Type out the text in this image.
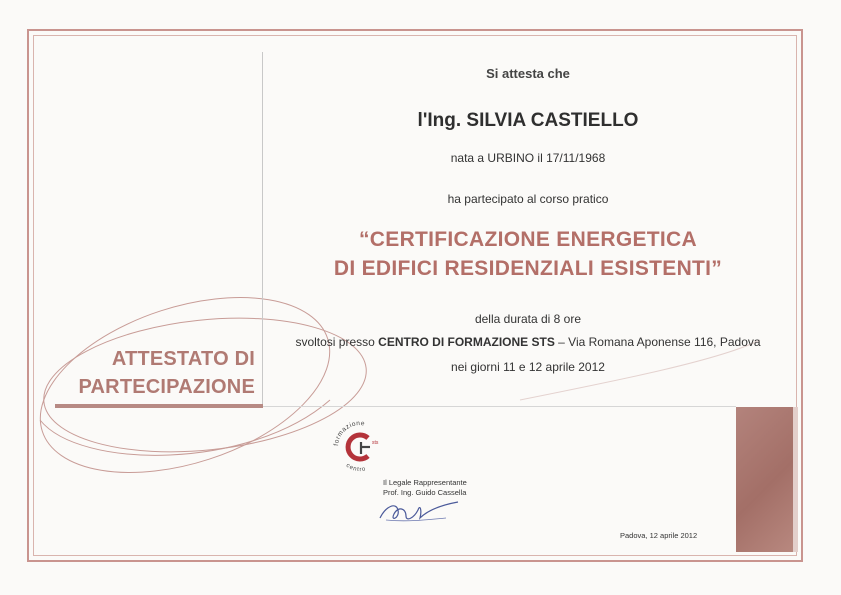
ATTESTATO DI
PARTECIPAZIONE
Si attesta che
l'Ing. SILVIA CASTIELLO
nata a URBINO il 17/11/1968
ha partecipato al corso pratico
“CERTIFICAZIONE ENERGETICA
DI EDIFICI RESIDENZIALI ESISTENTI”
della durata di 8 ore
svoltosi presso CENTRO DI FORMAZIONE STS – Via Romana Aponense 116, Padova
nei giorni 11 e 12 aprile 2012
formazione
centro
sts
Il Legale Rappresentante
Prof. Ing. Guido Cassella
Padova, 12 aprile 2012
